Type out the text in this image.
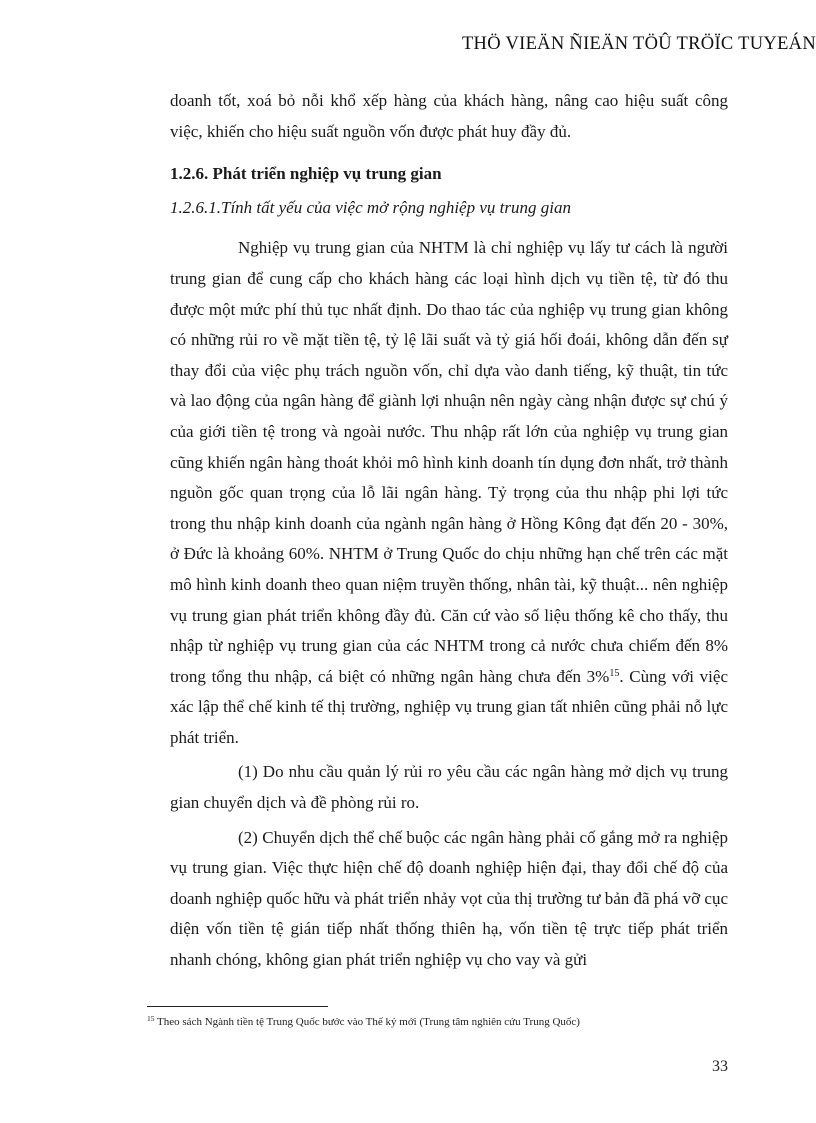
THÖ VIEÄN ÑIEÄN TÖÛ TRÖÏC TUYEÁN

doanh tốt, xoá bỏ nỗi khổ xếp hàng của khách hàng, nâng cao hiệu suất công việc, khiến cho hiệu suất nguồn vốn được phát huy đầy đủ.

1.2.6. Phát triển nghiệp vụ trung gian

1.2.6.1.Tính tất yếu của việc mở rộng nghiệp vụ trung gian

Nghiệp vụ trung gian của NHTM là chỉ nghiệp vụ lấy tư cách là người trung gian để cung cấp cho khách hàng các loại hình dịch vụ tiền tệ, từ đó thu được một mức phí thủ tục nhất định. Do thao tác của nghiệp vụ trung gian không có những rủi ro về mặt tiền tệ, tỷ lệ lãi suất và tỷ giá hối đoái, không dẫn đến sự thay đổi của việc phụ trách nguồn vốn, chỉ dựa vào danh tiếng, kỹ thuật, tin tức và lao động của ngân hàng để giành lợi nhuận nên ngày càng nhận được sự chú ý của giới tiền tệ trong và ngoài nước. Thu nhập rất lớn của nghiệp vụ trung gian cũng khiến ngân hàng thoát khỏi mô hình kinh doanh tín dụng đơn nhất, trở thành nguồn gốc quan trọng của lỗ lãi ngân hàng. Tỷ trọng của thu nhập phi lợi tức trong thu nhập kinh doanh của ngành ngân hàng ở Hồng Kông đạt đến 20 - 30%, ở Đức là khoảng 60%. NHTM ở Trung Quốc do chịu những hạn chế trên các mặt mô hình kinh doanh theo quan niệm truyền thống, nhân tài, kỹ thuật... nên nghiệp vụ trung gian phát triển không đầy đủ. Căn cứ vào số liệu thống kê cho thấy, thu nhập từ nghiệp vụ trung gian của các NHTM trong cả nước chưa chiếm đến 8% trong tổng thu nhập, cá biệt có những ngân hàng chưa đến 3%$^{15}$. Cùng với việc xác lập thể chế kinh tế thị trường, nghiệp vụ trung gian tất nhiên cũng phải nỗ lực phát triển.

(1) Do nhu cầu quản lý rủi ro yêu cầu các ngân hàng mở dịch vụ trung gian chuyển dịch và đề phòng rủi ro.

(2) Chuyển dịch thể chế buộc các ngân hàng phải cố gắng mở ra nghiệp vụ trung gian. Việc thực hiện chế độ doanh nghiệp hiện đại, thay đổi chế độ của doanh nghiệp quốc hữu và phát triển nhảy vọt của thị trường tư bản đã phá vỡ cục diện vốn tiền tệ gián tiếp nhất thống thiên hạ, vốn tiền tệ trực tiếp phát triển nhanh chóng, không gian phát triển nghiệp vụ cho vay và gửi

$^{15}$ Theo sách Ngành tiền tệ Trung Quốc bước vào Thế kỷ mới (Trung tâm nghiên cứu Trung Quốc)
33
